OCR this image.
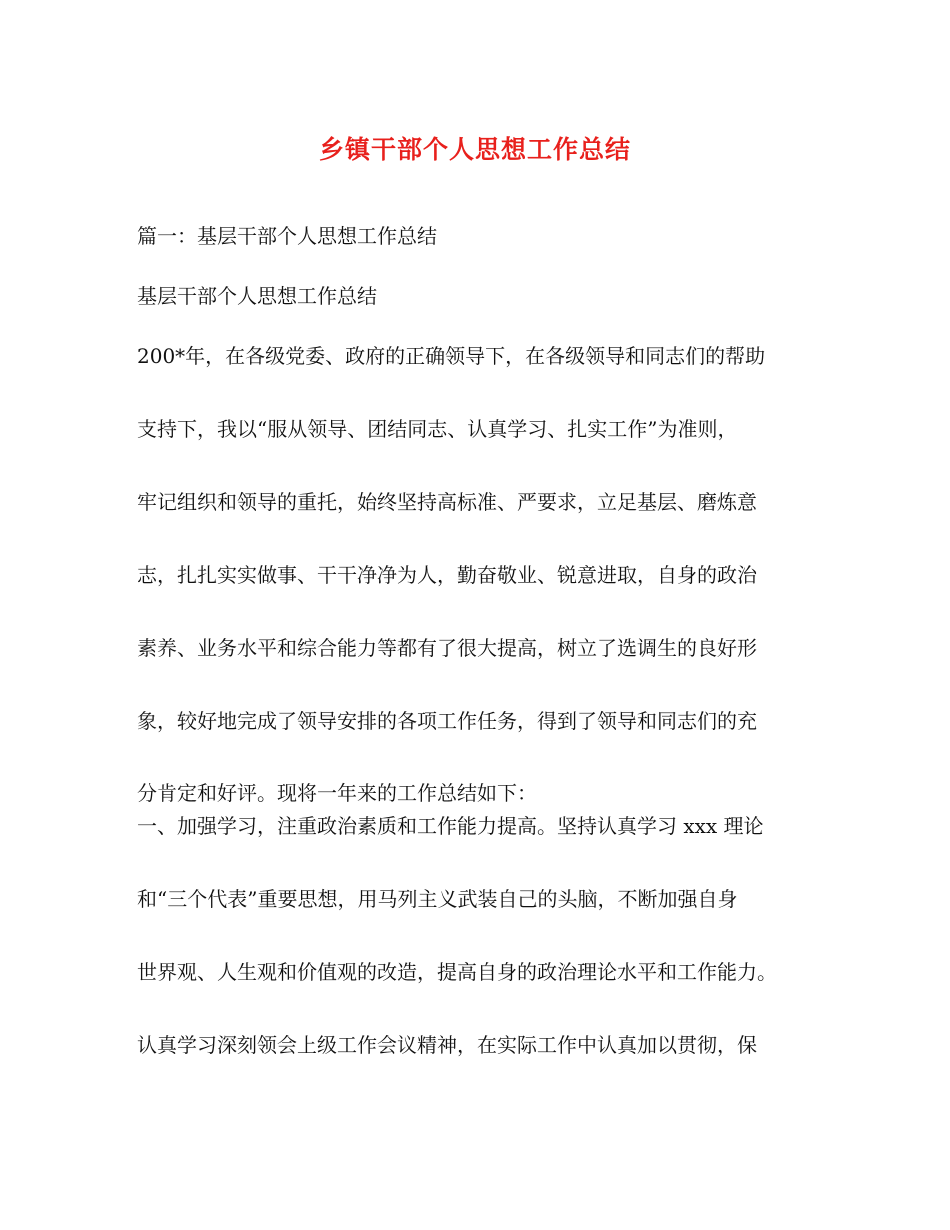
乡镇干部个人思想工作总结
篇一：基层干部个人思想工作总结
基层干部个人思想工作总结
200*年，在各级党委、政府的正确领导下，在各级领导和同志们的帮助
支持下，我以“服从领导、团结同志、认真学习、扎实工作”为准则，
牢记组织和领导的重托，始终坚持高标准、严要求，立足基层、磨炼意
志，扎扎实实做事、干干净净为人，勤奋敬业、锐意进取，自身的政治
素养、业务水平和综合能力等都有了很大提高，树立了选调生的良好形
象，较好地完成了领导安排的各项工作任务，得到了领导和同志们的充
分肯定和好评。现将一年来的工作总结如下：
一、加强学习，注重政治素质和工作能力提高。坚持认真学习 xxx 理论
和“三个代表”重要思想，用马列主义武装自己的头脑，不断加强自身
世界观、人生观和价值观的改造，提高自身的政治理论水平和工作能力。
认真学习深刻领会上级工作会议精神，在实际工作中认真加以贯彻，保
